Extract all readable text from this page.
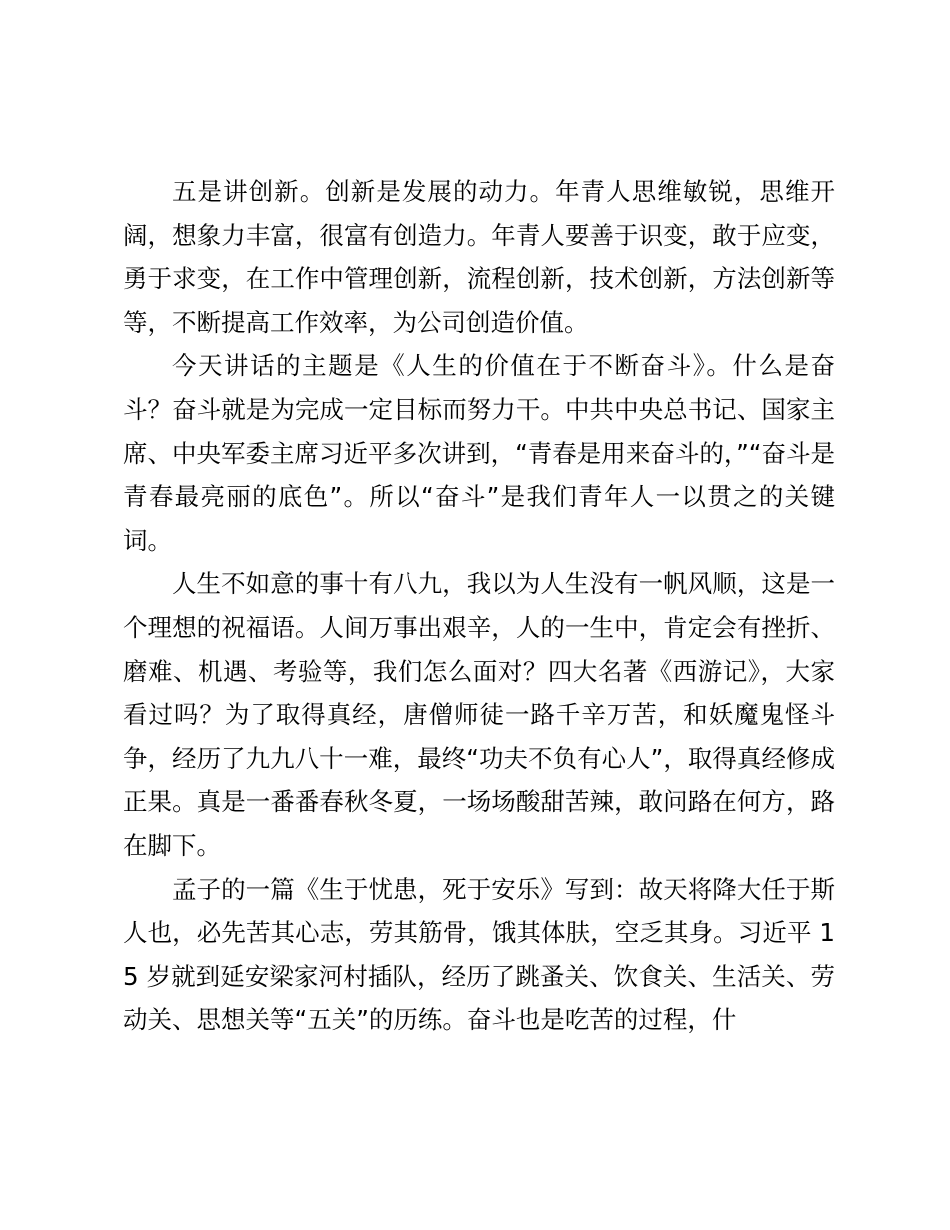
五是讲创新。创新是发展的动力。年青人思维敏锐，思维开阔，想象力丰富，很富有创造力。年青人要善于识变，敢于应变，勇于求变，在工作中管理创新，流程创新，技术创新，方法创新等等，不断提高工作效率，为公司创造价值。

今天讲话的主题是《人生的价值在于不断奋斗》。什么是奋斗？奋斗就是为完成一定目标而努力干。中共中央总书记、国家主席、中央军委主席习近平多次讲到，“青春是用来奋斗的，”“奋斗是青春最亮丽的底色”。所以“奋斗”是我们青年人一以贯之的关键词。

人生不如意的事十有八九，我以为人生没有一帆风顺，这是一个理想的祝福语。人间万事出艰辛，人的一生中，肯定会有挫折、磨难、机遇、考验等，我们怎么面对？四大名著《西游记》，大家看过吗？为了取得真经，唐僧师徒一路千辛万苦，和妖魔鬼怪斗争，经历了九九八十一难，最终“功夫不负有心人”，取得真经修成正果。真是一番番春秋冬夏，一场场酸甜苦辣，敢问路在何方，路在脚下。

孟子的一篇《生于忧患，死于安乐》写到：故天将降大任于斯人也，必先苦其心志，劳其筋骨，饿其体肤，空乏其身。习近平 15 岁就到延安梁家河村插队，经历了跳蚤关、饮食关、生活关、劳动关、思想关等“五关”的历练。奋斗也是吃苦的过程，什
